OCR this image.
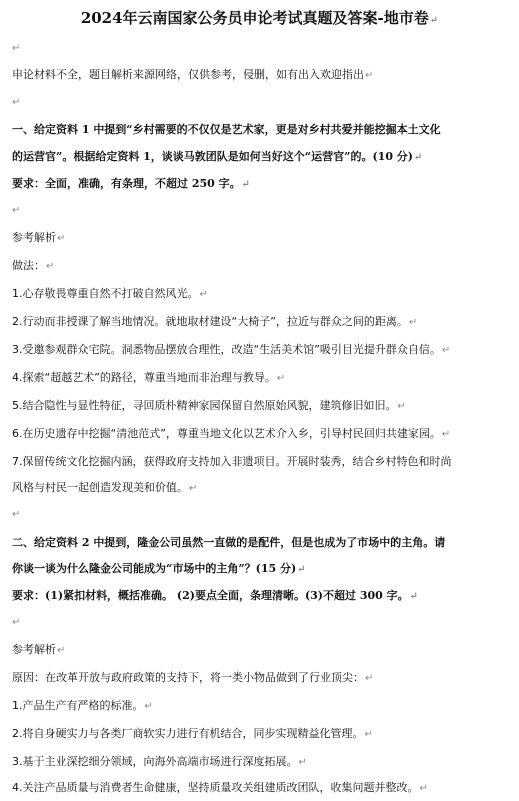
2024年云南国家公务员申论考试真题及答案-地市卷↵
↵
申论材料不全，题目解析来源网络，仅供参考，侵删，如有出入欢迎指出↵
↵
一、给定资料 1 中提到“乡村需要的不仅仅是艺术家，更是对乡村共爱并能挖掘本土文化
的运营官”。根据给定资料 1，谈谈马敦团队是如何当好这个“运营官”的。(10 分)↵
要求：全面，准确，有条理，不超过 250 字。↵
↵
参考解析↵
做法：↵
1.心存敬畏尊重自然不打破自然风光。↵
2.行动而非授课了解当地情况。就地取材建设“大椅子”，拉近与群众之间的距离。↵
3.受邀参观群众宅院。洞悉物品摆放合理性，改造“生活美术馆”吸引目光提升群众自信。↵
4.探索“超越艺术”的路径，尊重当地而非治理与教导。↵
5.结合隐性与显性特征，寻回质朴精神家园保留自然原始风貌，建筑修旧如旧。↵
6.在历史遗存中挖掘“清池范式”，尊重当地文化以艺术介入乡，引导村民回归共建家园。↵
7.保留传统文化挖掘内涵，获得政府支持加入非遗项目。开展时装秀，结合乡村特色和时尚
风格与村民一起创造发现美和价值。↵
↵
二、给定资料 2 中提到，隆金公司虽然一直做的是配件，但是也成为了市场中的主角。请
你谈一谈为什么隆金公司能成为“市场中的主角”？(15 分)↵
要求：(1)紧扣材料，概括准确。 (2)要点全面，条理清晰。(3)不超过 300 字。↵
↵
参考解析↵
原因：在改革开放与政府政策的支持下，将一类小物品做到了行业顶尖：↵
1.产品生产有严格的标准。↵
2.将自身硬实力与各类厂商软实力进行有机结合，同步实现精益化管理。↵
3.基于主业深挖细分领域，向海外高端市场进行深度拓展。↵
4.关注产品质量与消费者生命健康，坚持质量攻关组建质改团队，收集问题并整改。↵
